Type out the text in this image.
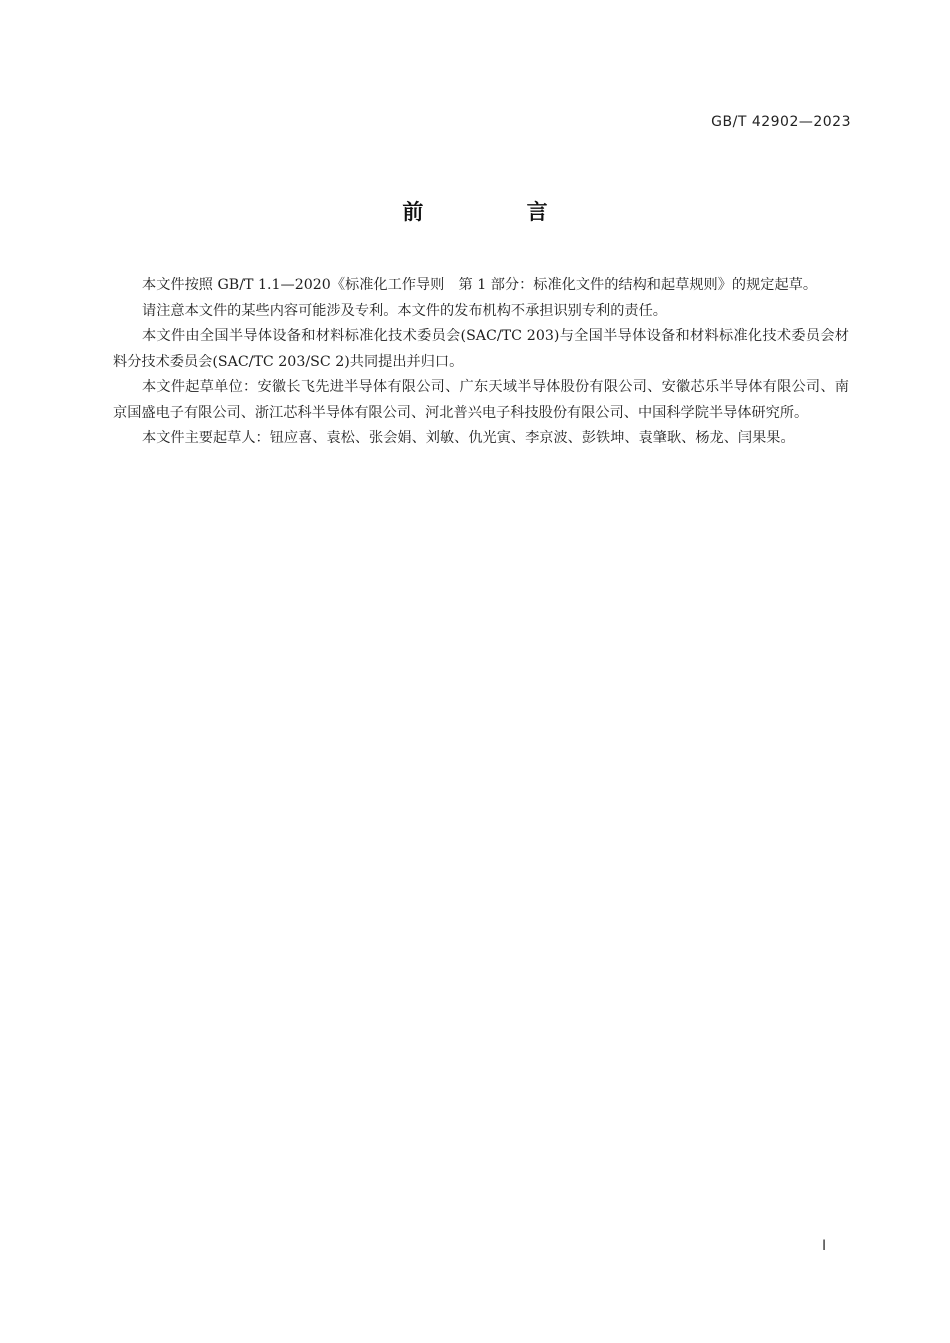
GB/T 42902—2023
前 言

本文件按照 GB/T 1.1—2020《标准化工作导则　第 1 部分：标准化文件的结构和起草规则》的规定起草。

请注意本文件的某些内容可能涉及专利。本文件的发布机构不承担识别专利的责任。

本文件由全国半导体设备和材料标准化技术委员会(SAC/TC 203)与全国半导体设备和材料标准化技术委员会材料分技术委员会(SAC/TC 203/SC 2)共同提出并归口。

本文件起草单位：安徽长飞先进半导体有限公司、广东天域半导体股份有限公司、安徽芯乐半导体有限公司、南京国盛电子有限公司、浙江芯科半导体有限公司、河北普兴电子科技股份有限公司、中国科学院半导体研究所。

本文件主要起草人：钮应喜、袁松、张会娟、刘敏、仇光寅、李京波、彭铁坤、袁肇耿、杨龙、闫果果。

I
